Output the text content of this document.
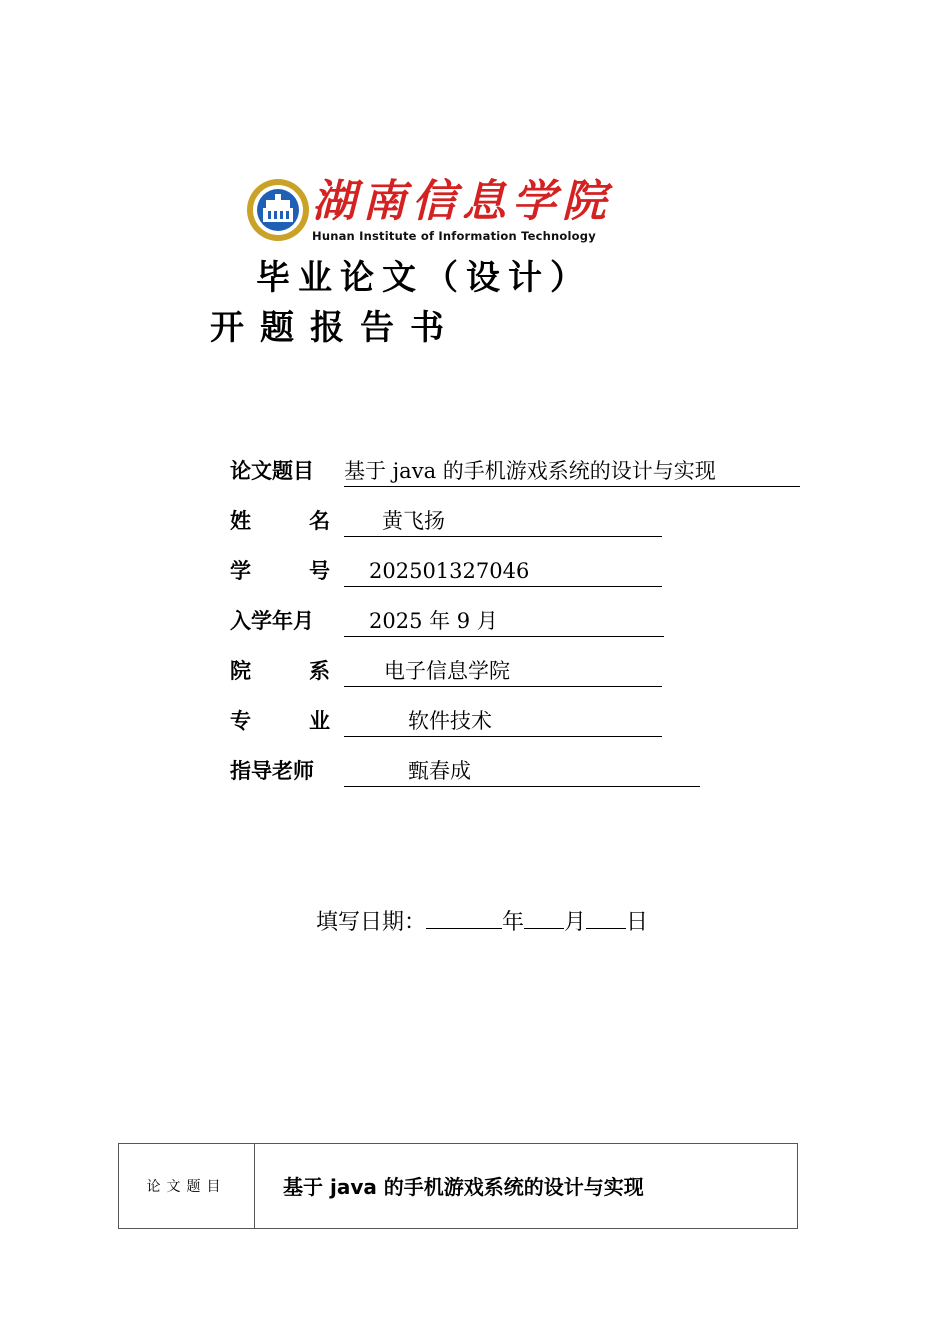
湖南信息学院
Hunan Institute of Information Technology
毕业论文（设计）
开题报告书
论文题目	基于 java 的手机游戏系统的设计与实现
姓	名 黄飞扬
学	号 202501327046
入学年月	2025 年 9 月
院	系	电子信息学院
专	业	软件技术
指导老师	甄春成
填写日期：	年 月 日
论文题目	基于 java 的手机游戏系统的设计与实现
